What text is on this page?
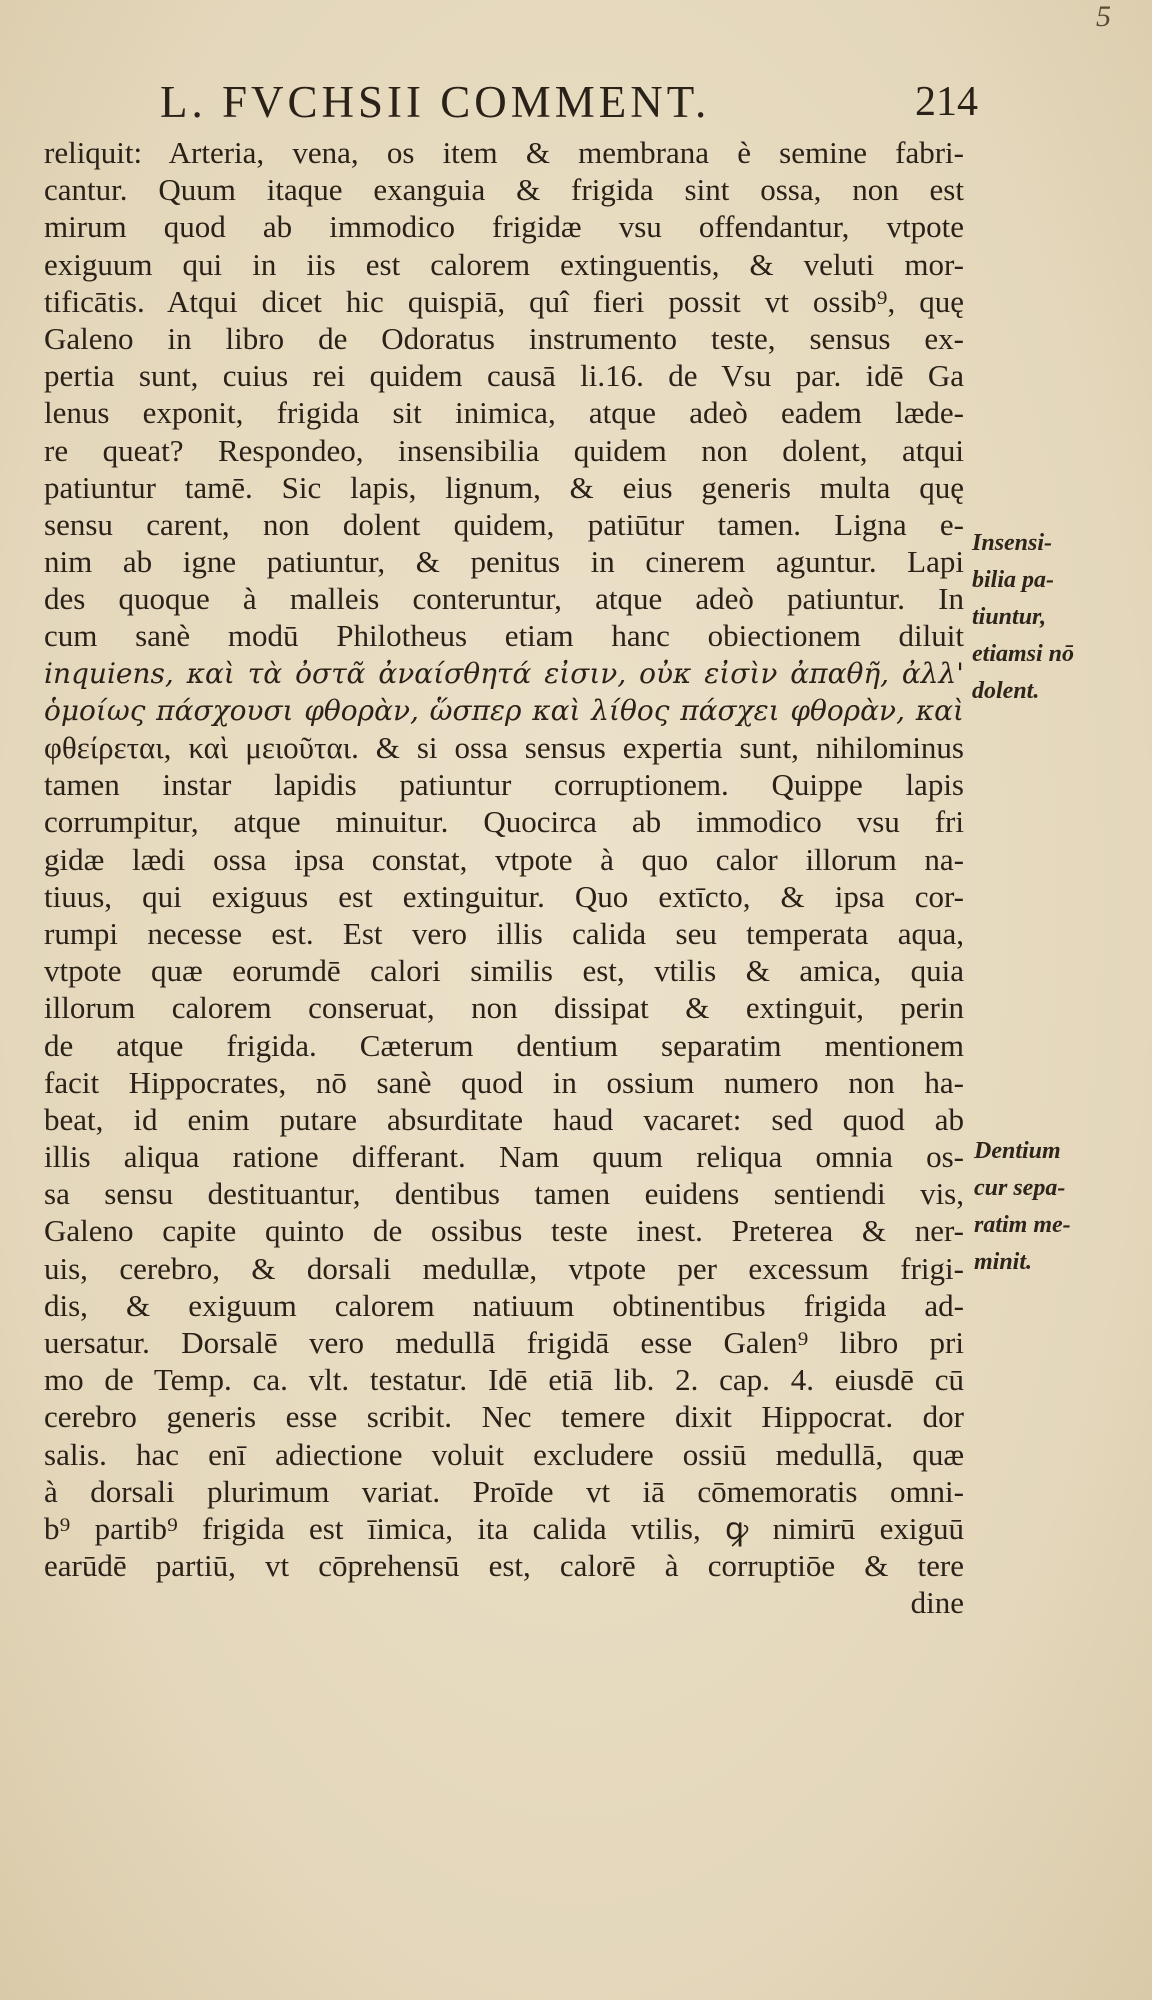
5
L. FVCHSII COMMENT.	214
reliquit: Arteria, vena, os item & membrana è semine fabri-
cantur. Quum itaque exanguia & frigida sint ossa, non est
mirum quod ab immodico frigidæ vsu offendantur, vtpote
exiguum qui in iis est calorem extinguentis, & veluti mor-
tificātis. Atqui dicet hic quispiā, quî fieri possit vt ossib⁹, quę
Galeno in libro de Odoratus instrumento teste, sensus ex-
pertia sunt, cuius rei quidem causā li.16. de Vsu par. idē Ga
lenus exponit, frigida sit inimica, atque adeò eadem læde-
re queat? Respondeo, insensibilia quidem non dolent, atqui
patiuntur tamē. Sic lapis, lignum, & eius generis multa quę
sensu carent, non dolent quidem, patiūtur tamen. Ligna e-
nim ab igne patiuntur, & penitus in cinerem aguntur. Lapi
des quoque à malleis conteruntur, atque adeò patiuntur. In
cum sanè modū Philotheus etiam hanc obiectionem diluit
inquiens, καὶ τὰ ὀστᾶ ἀναίσθητά εἰσιν, οὐκ εἰσὶν ἀπαθῆ, ἀλλ'
ὁμοίως πάσχουσι φθορὰν, ὥσπερ καὶ λίθος πάσχει φθορὰν, καὶ
φθείρεται, καὶ μειοῦται. & si ossa sensus expertia sunt, nihilominus
tamen instar lapidis patiuntur corruptionem. Quippe lapis
corrumpitur, atque minuitur. Quocirca ab immodico vsu fri
gidæ lædi ossa ipsa constat, vtpote à quo calor illorum na-
tiuus, qui exiguus est extinguitur. Quo extīcto, & ipsa cor-
rumpi necesse est. Est vero illis calida seu temperata aqua,
vtpote quæ eorumdē calori similis est, vtilis & amica, quia
illorum calorem conseruat, non dissipat & extinguit, perin
de atque frigida. Cæterum dentium separatim mentionem
facit Hippocrates, nō sanè quod in ossium numero non ha-
beat, id enim putare absurditate haud vacaret: sed quod ab
illis aliqua ratione differant. Nam quum reliqua omnia os-
sa sensu destituantur, dentibus tamen euidens sentiendi vis,
Galeno capite quinto de ossibus teste inest. Preterea & ner-
uis, cerebro, & dorsali medullæ, vtpote per excessum frigi-
dis, & exiguum calorem natiuum obtinentibus frigida ad-
uersatur. Dorsalē vero medullā frigidā esse Galen⁹ libro pri
mo de Temp. ca. vlt. testatur. Idē etiā lib. 2. cap. 4. eiusdē cū
cerebro generis esse scribit. Nec temere dixit Hippocrat. dor
salis. hac enī adiectione voluit excludere ossiū medullā, quæ
à dorsali plurimum variat. Proīde vt iā cōmemoratis omni-
b⁹ partib⁹ frigida est īimica, ita calida vtilis, ꝙ nimirū exiguū
earūdē partiū, vt cōprehensū est, calorē à corruptiōe & tere
dine
Insensi-
bilia pa-
tiuntur,
etiamsi nō
dolent.
Dentium
cur sepa-
ratim me-
minit.
